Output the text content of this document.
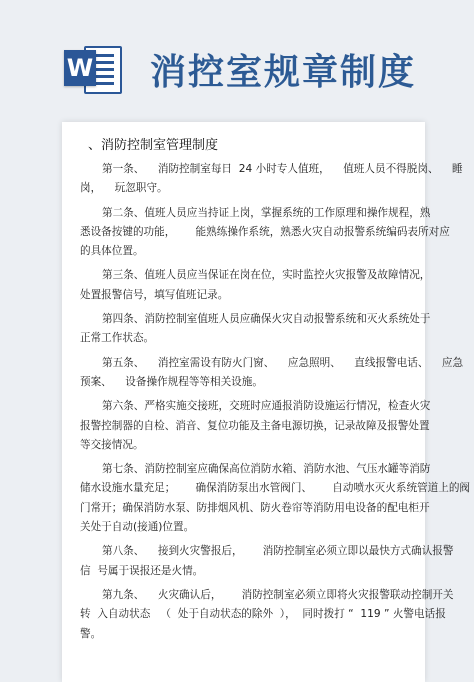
W 消控室规章制度
、消防控制室管理制度
第一条、    消防控制室每日  24 小时专人值班，    值班人员不得脱岗、    睡
岗，    玩忽职守。
第二条、值班人员应当持证上岗，掌握系统的工作原理和操作规程，熟
悉设备按键的功能，      能熟练操作系统，熟悉火灾自动报警系统编码表所对应
的具体位置。
第三条、值班人员应当保证在岗在位，实时监控火灾报警及故障情况，
处置报警信号，填写值班记录。
第四条、消防控制室值班人员应确保火灾自动报警系统和灭火系统处于
正常工作状态。
第五条、    消控室需设有防火门窗、    应急照明、    直线报警电话、    应急
预案、    设备操作规程等等相关设施。
第六条、严格实施交接班，交班时应通报消防设施运行情况，检查火灾
报警控制器的自检、消音、复位功能及主备电源切换，记录故障及报警处置
等交接情况。
第七条、消防控制室应确保高位消防水箱、消防水池、气压水罐等消防
储水设施水量充足；      确保消防泵出水管阀门、      自动喷水灭火系统管道上的阀
门常开；确保消防水泵、防排烟风机、防火卷帘等消防用电设备的配电柜开
关处于自动(接通)位置。
第八条、    接到火灾警报后，      消防控制室必须立即以最快方式确认报警
信  号属于误报还是火情。
第九条、    火灾确认后，      消防控制室必须立即将火灾报警联动控制开关
转  入自动状态   （  处于自动状态的除外  ），  同时拨打 “  119 ” 火警电话报
警。
